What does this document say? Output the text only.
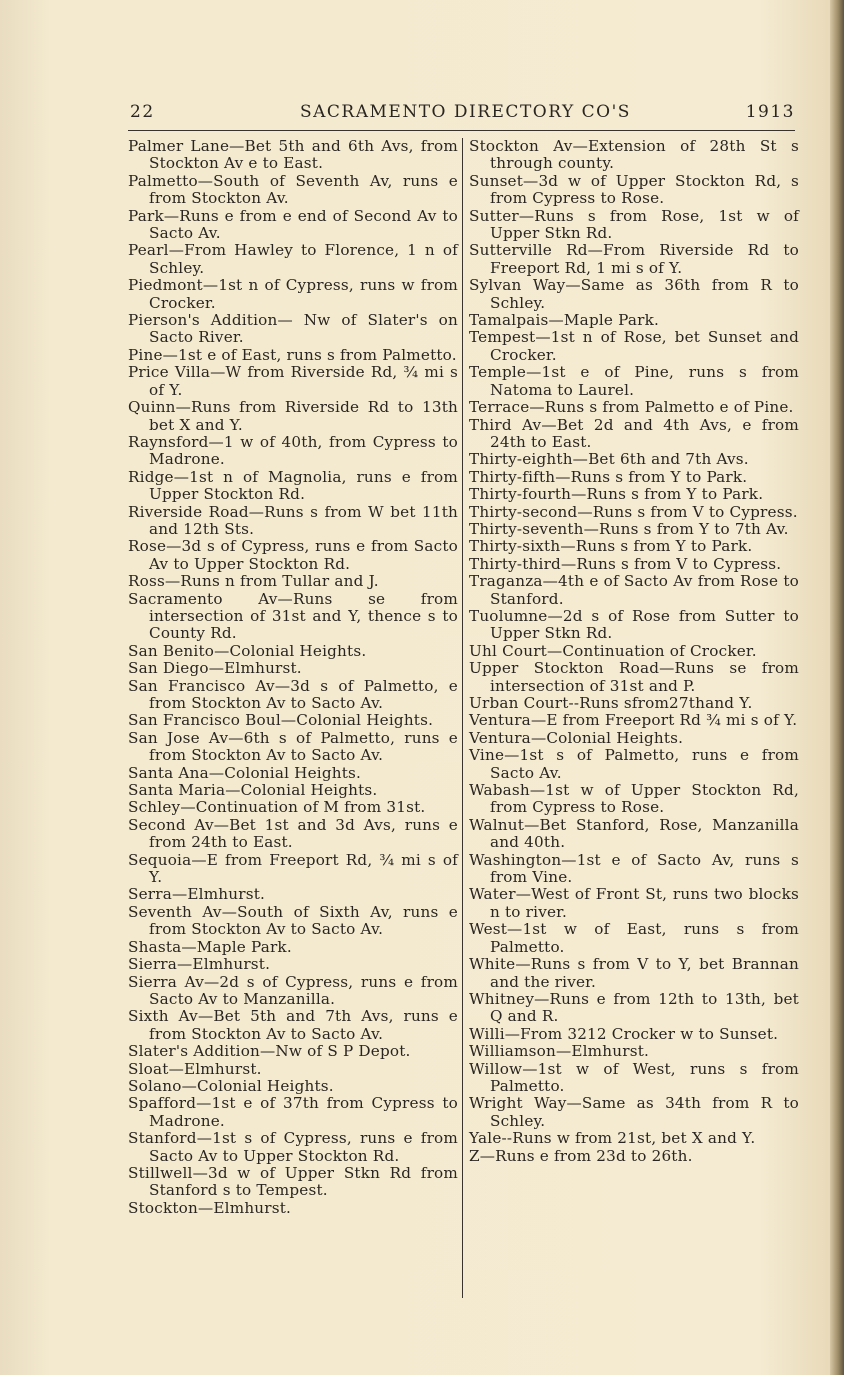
22	SACRAMENTO DIRECTORY CO'S	1913

Palmer Lane—Bet 5th and 6th Avs, from Stockton Av e to East.

Palmetto—South of Seventh Av, runs e from Stockton Av.

Park—Runs e from e end of Second Av to Sacto Av.

Pearl—From Hawley to Florence, 1 n of Schley.

Piedmont—1st n of Cypress, runs w from Crocker.

Pierson's Addition— Nw of Slater's on Sacto River.

Pine—1st e of East, runs s from Palmetto.

Price Villa—W from Riverside Rd, ¾ mi s of Y.

Quinn—Runs from Riverside Rd to 13th bet X and Y.

Raynsford—1 w of 40th, from Cypress to Madrone.

Ridge—1st n of Magnolia, runs e from Upper Stockton Rd.

Riverside Road—Runs s from W bet 11th and 12th Sts.

Rose—3d s of Cypress, runs e from Sacto Av to Upper Stockton Rd.

Ross—Runs n from Tullar and J.

Sacramento Av—Runs se from intersection of 31st and Y, thence s to County Rd.

San Benito—Colonial Heights.

San Diego—Elmhurst.

San Francisco Av—3d s of Palmetto, e from Stockton Av to Sacto Av.

San Francisco Boul—Colonial Heights.

San Jose Av—6th s of Palmetto, runs e from Stockton Av to Sacto Av.

Santa Ana—Colonial Heights.

Santa Maria—Colonial Heights.

Schley—Continuation of M from 31st.

Second Av—Bet 1st and 3d Avs, runs e from 24th to East.

Sequoia—E from Freeport Rd, ¾ mi s of Y.

Serra—Elmhurst.

Seventh Av—South of Sixth Av, runs e from Stockton Av to Sacto Av.

Shasta—Maple Park.

Sierra—Elmhurst.

Sierra Av—2d s of Cypress, runs e from Sacto Av to Manzanilla.

Sixth Av—Bet 5th and 7th Avs, runs e from Stockton Av to Sacto Av.

Slater's Addition—Nw of S P Depot.

Sloat—Elmhurst.

Solano—Colonial Heights.

Spafford—1st e of 37th from Cypress to Madrone.

Stanford—1st s of Cypress, runs e from Sacto Av to Upper Stockton Rd.

Stillwell—3d w of Upper Stkn Rd from Stanford s to Tempest.

Stockton—Elmhurst.

Stockton Av—Extension of 28th St s through county.

Sunset—3d w of Upper Stockton Rd, s from Cypress to Rose.

Sutter—Runs s from Rose, 1st w of Upper Stkn Rd.

Sutterville Rd—From Riverside Rd to Freeport Rd, 1 mi s of Y.

Sylvan Way—Same as 36th from R to Schley.

Tamalpais—Maple Park.

Tempest—1st n of Rose, bet Sunset and Crocker.

Temple—1st e of Pine, runs s from Natoma to Laurel.

Terrace—Runs s from Palmetto e of Pine.

Third Av—Bet 2d and 4th Avs, e from 24th to East.

Thirty-eighth—Bet 6th and 7th Avs.

Thirty-fifth—Runs s from Y to Park.

Thirty-fourth—Runs s from Y to Park.

Thirty-second—Runs s from V to Cypress.

Thirty-seventh—Runs s from Y to 7th Av.

Thirty-sixth—Runs s from Y to Park.

Thirty-third—Runs s from V to Cypress.

Traganza—4th e of Sacto Av from Rose to Stanford.

Tuolumne—2d s of Rose from Sutter to Upper Stkn Rd.

Uhl Court—Continuation of Crocker.

Upper Stockton Road—Runs se from intersection of 31st and P.

Urban Court--Runs sfrom27thand Y.

Ventura—E from Freeport Rd ¾ mi s of Y.

Ventura—Colonial Heights.

Vine—1st s of Palmetto, runs e from Sacto Av.

Wabash—1st w of Upper Stockton Rd, from Cypress to Rose.

Walnut—Bet Stanford, Rose, Manzanilla and 40th.

Washington—1st e of Sacto Av, runs s from Vine.

Water—West of Front St, runs two blocks n to river.

West—1st w of East, runs s from Palmetto.

White—Runs s from V to Y, bet Brannan and the river.

Whitney—Runs e from 12th to 13th, bet Q and R.

Willi—From 3212 Crocker w to Sunset.

Williamson—Elmhurst.

Willow—1st w of West, runs s from Palmetto.

Wright Way—Same as 34th from R to Schley.

Yale--Runs w from 21st, bet X and Y.

Z—Runs e from 23d to 26th.
